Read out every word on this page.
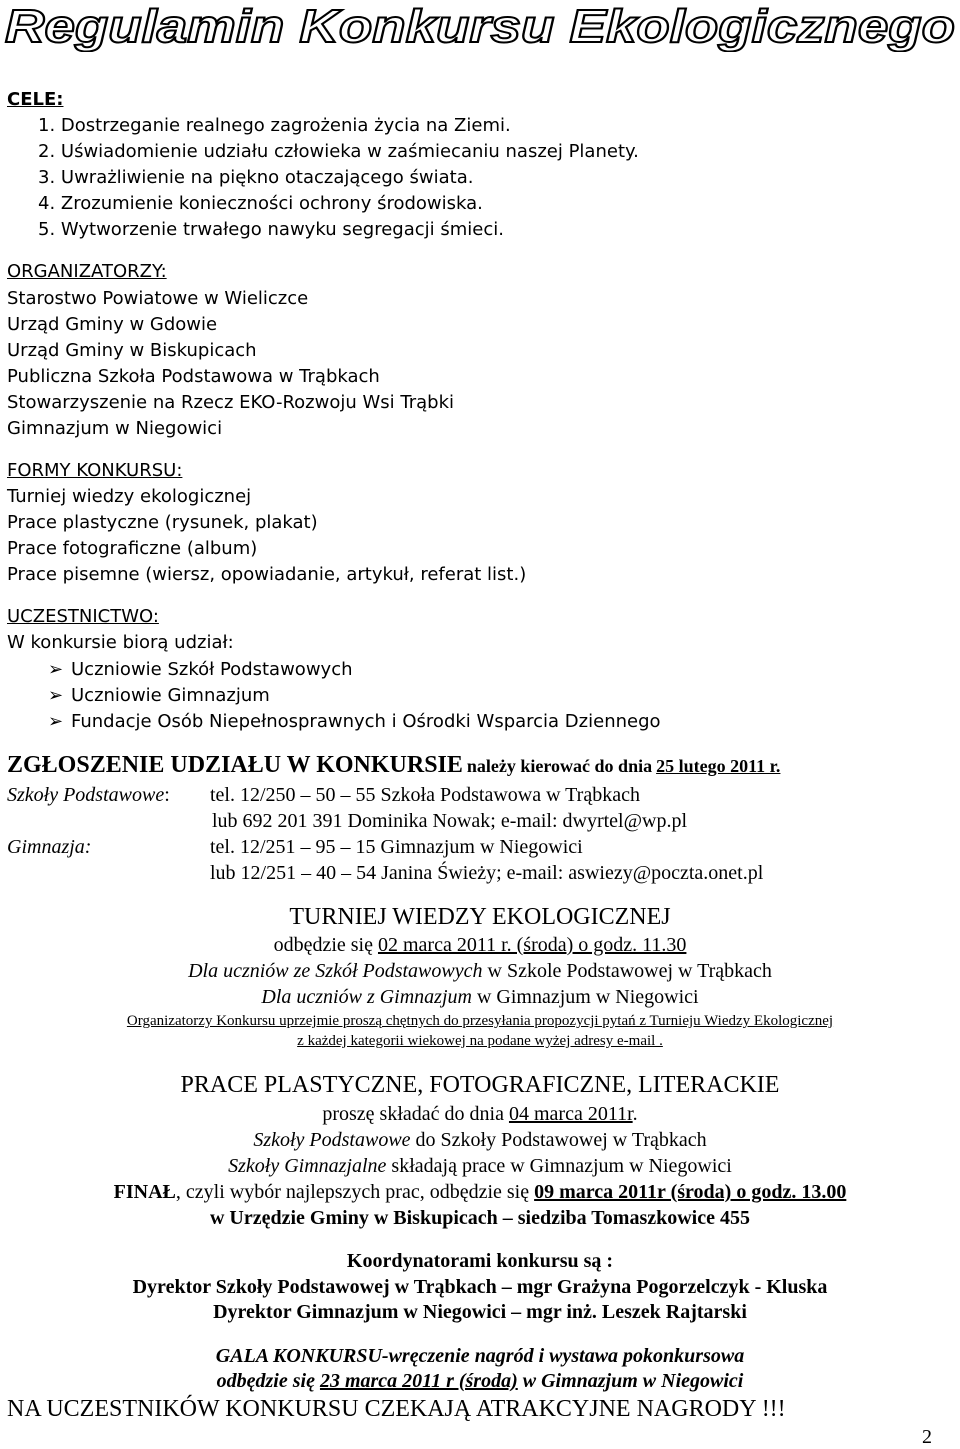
Regulamin Konkursu Ekologicznego
CELE:
1. Dostrzeganie realnego zagrożenia życia na Ziemi.
2. Uświadomienie udziału człowieka w zaśmiecaniu naszej Planety.
3. Uwrażliwienie na piękno otaczającego świata.
4. Zrozumienie konieczności ochrony środowiska.
5. Wytworzenie trwałego nawyku segregacji śmieci.
ORGANIZATORZY:
Starostwo Powiatowe w Wieliczce
Urząd Gminy w Gdowie
Urząd Gminy w Biskupicach
Publiczna Szkoła Podstawowa w Trąbkach
Stowarzyszenie na Rzecz EKO-Rozwoju Wsi Trąbki
Gimnazjum w Niegowici
FORMY KONKURSU:
Turniej wiedzy ekologicznej
Prace plastyczne (rysunek, plakat)
Prace fotograficzne (album)
Prace pisemne (wiersz, opowiadanie, artykuł, referat list.)
UCZESTNICTWO:
W konkursie biorą udział:
➢ Uczniowie Szkół Podstawowych
➢ Uczniowie Gimnazjum
➢ Fundacje Osób Niepełnosprawnych i Ośrodki Wsparcia Dziennego
ZGŁOSZENIE UDZIAŁU W KONKURSIE należy kierować do dnia 25 lutego 2011 r.
Szkoły Podstawowe: tel. 12/250 – 50 – 55 Szkoła Podstawowa w Trąbkach
lub 692 201 391 Dominika Nowak; e-mail: dwyrtel@wp.pl
Gimnazja:	tel. 12/251 – 95 – 15 Gimnazjum w Niegowici
lub 12/251 – 40 – 54 Janina Świeży; e-mail: aswiezy@poczta.onet.pl
TURNIEJ WIEDZY EKOLOGICZNEJ
odbędzie się 02 marca 2011 r. (środa) o godz. 11.30
Dla uczniów ze Szkół Podstawowych w Szkole Podstawowej w Trąbkach
Dla uczniów z Gimnazjum w Gimnazjum w Niegowici
Organizatorzy Konkursu uprzejmie proszą chętnych do przesyłania propozycji pytań z Turnieju Wiedzy Ekologicznej
z każdej kategorii wiekowej na podane wyżej adresy e-mail .
PRACE PLASTYCZNE, FOTOGRAFICZNE, LITERACKIE
proszę składać do dnia 04 marca 2011r.
Szkoły Podstawowe do Szkoły Podstawowej w Trąbkach
Szkoły Gimnazjalne składają prace w Gimnazjum w Niegowici
FINAŁ, czyli wybór najlepszych prac, odbędzie się 09 marca 2011r (środa) o godz. 13.00
w Urzędzie Gminy w Biskupicach – siedziba Tomaszkowice 455
Koordynatorami konkursu są :
Dyrektor Szkoły Podstawowej w Trąbkach – mgr Grażyna Pogorzelczyk - Kluska
Dyrektor Gimnazjum w Niegowici – mgr inż. Leszek Rajtarski
GALA KONKURSU-wręczenie nagród i wystawa pokonkursowa
odbędzie się 23 marca 2011 r (środa) w Gimnazjum w Niegowici
NA UCZESTNIKÓW KONKURSU CZEKAJĄ ATRAKCYJNE NAGRODY !!!
2
